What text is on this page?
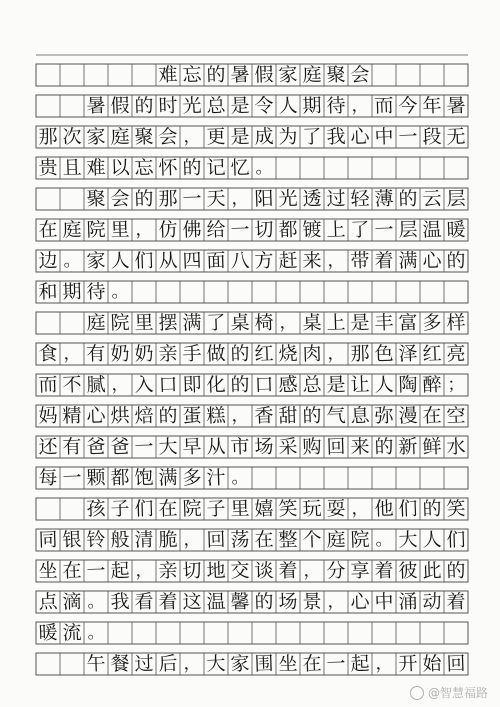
难 忘 的 暑 假 家 庭 聚 会
暑 假 的 时 光 总 是 令 人 期 待 ， 而 今 年 暑
那 次 家 庭 聚 会 ， 更 是 成 为 了 我 心 中 一 段 无
贵 且 难 以 忘 怀 的 记 忆 。
聚 会 的 那 一 天 ， 阳 光 透 过 轻 薄 的 云 层
在 庭 院 里 ， 仿 佛 给 一 切 都 镀 上 了 一 层 温 暖
边 。 家 人 们 从 四 面 八 方 赶 来 ， 带 着 满 心 的
和 期 待 。
庭 院 里 摆 满 了 桌 椅 ， 桌 上 是 丰 富 多 样
食 ， 有 奶 奶 亲 手 做 的 红 烧 肉 ， 那 色 泽 红 亮
而 不 腻 ， 入 口 即 化 的 口 感 总 是 让 人 陶 醉 ；
妈 精 心 烘 焙 的 蛋 糕 ， 香 甜 的 气 息 弥 漫 在 空
还 有 爸 爸 一 大 早 从 市 场 采 购 回 来 的 新 鲜 水
每 一 颗 都 饱 满 多 汁 。
孩 子 们 在 院 子 里 嬉 笑 玩 耍 ， 他 们 的 笑
同 银 铃 般 清 脆 ， 回 荡 在 整 个 庭 院 。 大 人 们
坐 在 一 起 ， 亲 切 地 交 谈 着 ， 分 享 着 彼 此 的
点 滴 。 我 看 着 这 温 馨 的 场 景 ， 心 中 涌 动 着
暖 流 。
午 餐 过 后 ， 大 家 围 坐 在 一 起 ， 开 始 回
@智慧福路
